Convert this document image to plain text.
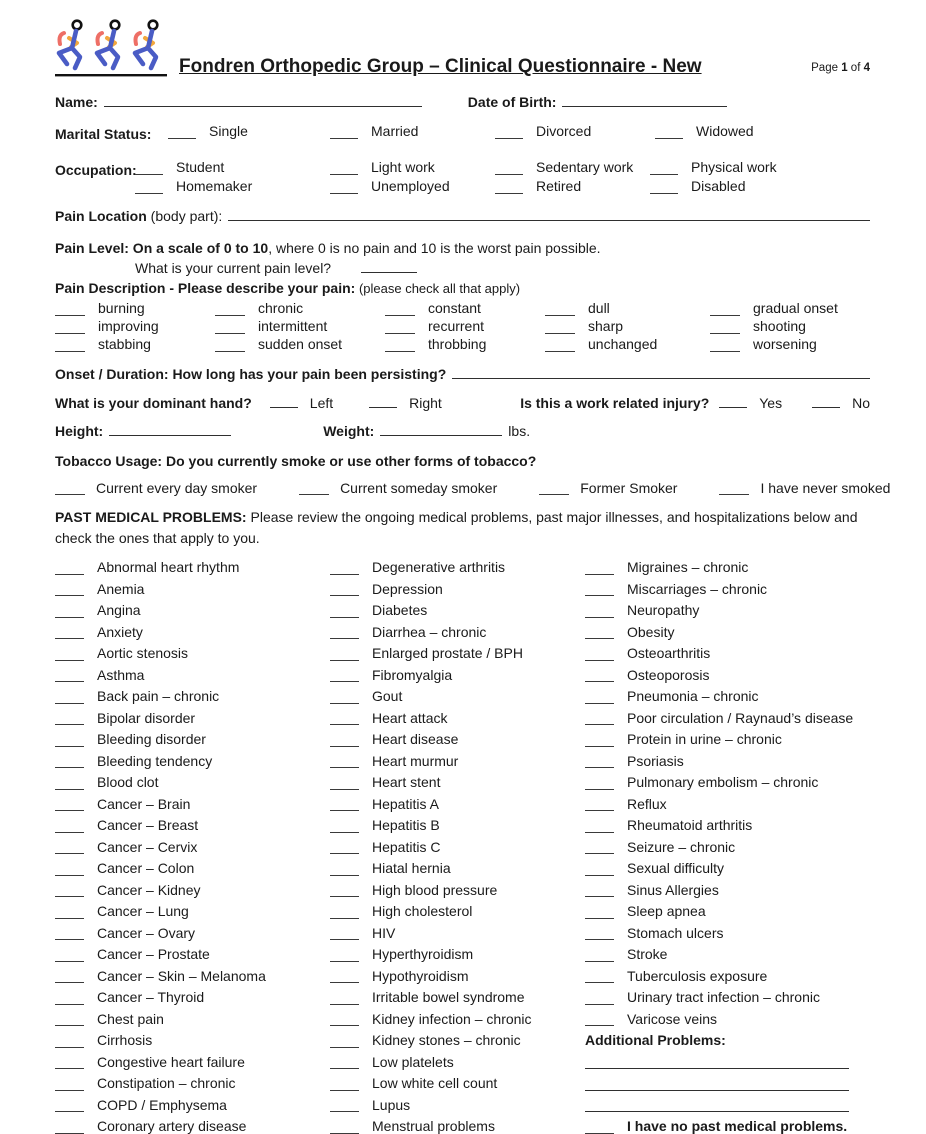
Fondren Orthopedic Group – Clinical Questionnaire - New	Page 1 of 4
Name:	Date of Birth:
Marital Status:	Single	Married	Divorced	Widowed
Occupation:	Student	Light work	Sedentary work	Physical work
Homemaker	Unemployed	Retired	Disabled
Pain Location (body part):
Pain Level: On a scale of 0 to 10, where 0 is no pain and 10 is the worst pain possible.
What is your current pain level?
Pain Description - Please describe your pain: (please check all that apply)
burning	chronic	constant	dull	gradual onset
improving	intermittent	recurrent	sharp	shooting
stabbing	sudden onset	throbbing	unchanged	worsening
Onset / Duration: How long has your pain been persisting?
What is your dominant hand?	Left	Right	Is this a work related injury?	Yes	No
Height:	Weight:	lbs.
Tobacco Usage: Do you currently smoke or use other forms of tobacco?
Current every day smoker	Current someday smoker	Former Smoker	I have never smoked
PAST MEDICAL PROBLEMS: Please review the ongoing medical problems, past major illnesses, and hospitalizations below and check the ones that apply to you.
Abnormal heart rhythm
Anemia
Angina
Anxiety
Aortic stenosis
Asthma
Back pain – chronic
Bipolar disorder
Bleeding disorder
Bleeding tendency
Blood clot
Cancer – Brain
Cancer – Breast
Cancer – Cervix
Cancer – Colon
Cancer – Kidney
Cancer – Lung
Cancer – Ovary
Cancer – Prostate
Cancer – Skin – Melanoma
Cancer – Thyroid
Chest pain
Cirrhosis
Congestive heart failure
Constipation – chronic
COPD / Emphysema
Coronary artery disease
Degenerative arthritis
Depression
Diabetes
Diarrhea – chronic
Enlarged prostate / BPH
Fibromyalgia
Gout
Heart attack
Heart disease
Heart murmur
Heart stent
Hepatitis A
Hepatitis B
Hepatitis C
Hiatal hernia
High blood pressure
High cholesterol
HIV
Hyperthyroidism
Hypothyroidism
Irritable bowel syndrome
Kidney infection – chronic
Kidney stones – chronic
Low platelets
Low white cell count
Lupus
Menstrual problems
Migraines – chronic
Miscarriages – chronic
Neuropathy
Obesity
Osteoarthritis
Osteoporosis
Pneumonia – chronic
Poor circulation / Raynaud’s disease
Protein in urine – chronic
Psoriasis
Pulmonary embolism – chronic
Reflux
Rheumatoid arthritis
Seizure – chronic
Sexual difficulty
Sinus Allergies
Sleep apnea
Stomach ulcers
Stroke
Tuberculosis exposure
Urinary tract infection – chronic
Varicose veins
Additional Problems:
I have no past medical problems.
